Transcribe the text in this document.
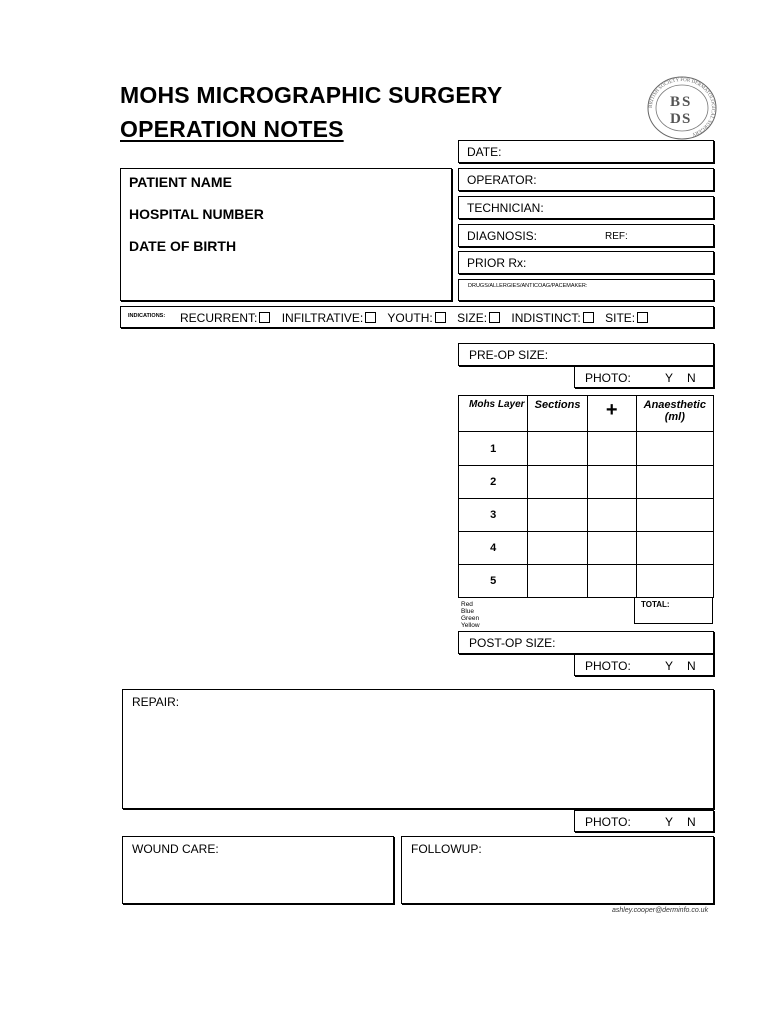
MOHS MICROGRAPHIC SURGERY
OPERATION NOTES
BRITISH SOCIETY FOR DERMATOLOGICAL SURGERY
B S
D S
DATE:
OPERATOR:
TECHNICIAN:
DIAGNOSIS:	REF:
PRIOR Rx:
DRUGS/ALLERGIES/ANTICOAG/PACEMAKER:
PATIENT NAME
HOSPITAL NUMBER
DATE OF BIRTH
INDICATIONS: RECURRENT: INFILTRATIVE: YOUTH: SIZE: INDISTINCT: SITE:
PRE-OP SIZE:
PHOTO:	Y N
Mohs Layer	Sections	+	Anaesthetic (ml)
1			
2			
3			
4			
5			
Red
Blue
Green
Yellow
TOTAL:
POST-OP SIZE:
PHOTO:	Y N
REPAIR:
PHOTO:	Y N
WOUND CARE:	FOLLOWUP:
ashley.cooper@derminfo.co.uk
